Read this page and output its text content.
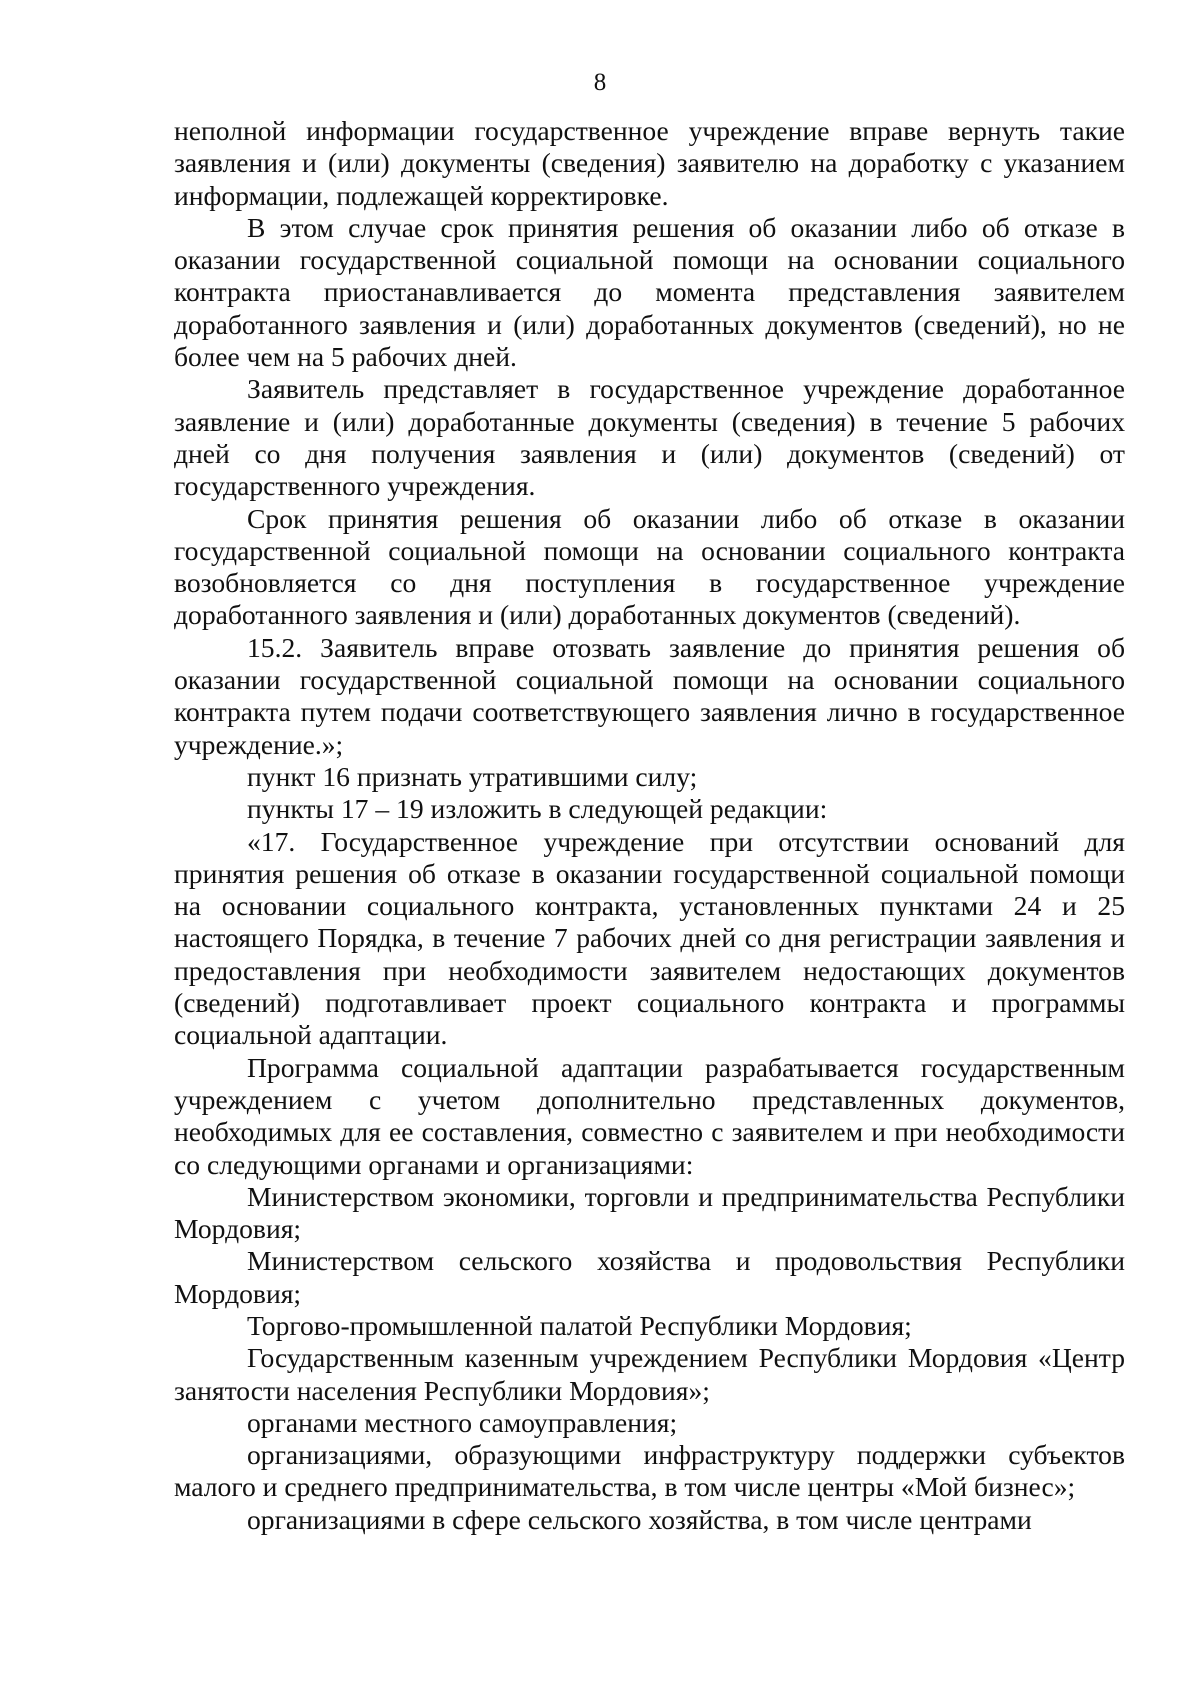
8

неполной информации государственное учреждение вправе вернуть такие заявления и (или) документы (сведения) заявителю на доработку с указанием информации, подлежащей корректировке.

В этом случае срок принятия решения об оказании либо об отказе в оказании государственной социальной помощи на основании социального контракта приостанавливается до момента представления заявителем доработанного заявления и (или) доработанных документов (сведений), но не более чем на 5 рабочих дней.

Заявитель представляет в государственное учреждение доработанное заявление и (или) доработанные документы (сведения) в течение 5 рабочих дней со дня получения заявления и (или) документов (сведений) от государственного учреждения.

Срок принятия решения об оказании либо об отказе в оказании государственной социальной помощи на основании социального контракта возобновляется со дня поступления в государственное учреждение доработанного заявления и (или) доработанных документов (сведений).

15.2. Заявитель вправе отозвать заявление до принятия решения об оказании государственной социальной помощи на основании социального контракта путем подачи соответствующего заявления лично в государственное учреждение.»;

пункт 16 признать утратившими силу;

пункты 17 – 19 изложить в следующей редакции:

«17. Государственное учреждение при отсутствии оснований для принятия решения об отказе в оказании государственной социальной помощи на основании социального контракта, установленных пунктами 24 и 25 настоящего Порядка, в течение 7 рабочих дней со дня регистрации заявления и предоставления при необходимости заявителем недостающих документов (сведений) подготавливает проект социального контракта и программы социальной адаптации.

Программа социальной адаптации разрабатывается государственным учреждением с учетом дополнительно представленных документов, необходимых для ее составления, совместно с заявителем и при необходимости со следующими органами и организациями:

Министерством экономики, торговли и предпринимательства Республики Мордовия;

Министерством сельского хозяйства и продовольствия Республики Мордовия;

Торгово-промышленной палатой Республики Мордовия;

Государственным казенным учреждением Республики Мордовия «Центр занятости населения Республики Мордовия»;

органами местного самоуправления;

организациями, образующими инфраструктуру поддержки субъектов малого и среднего предпринимательства, в том числе центры «Мой бизнес»;

организациями в сфере сельского хозяйства, в том числе центрами
